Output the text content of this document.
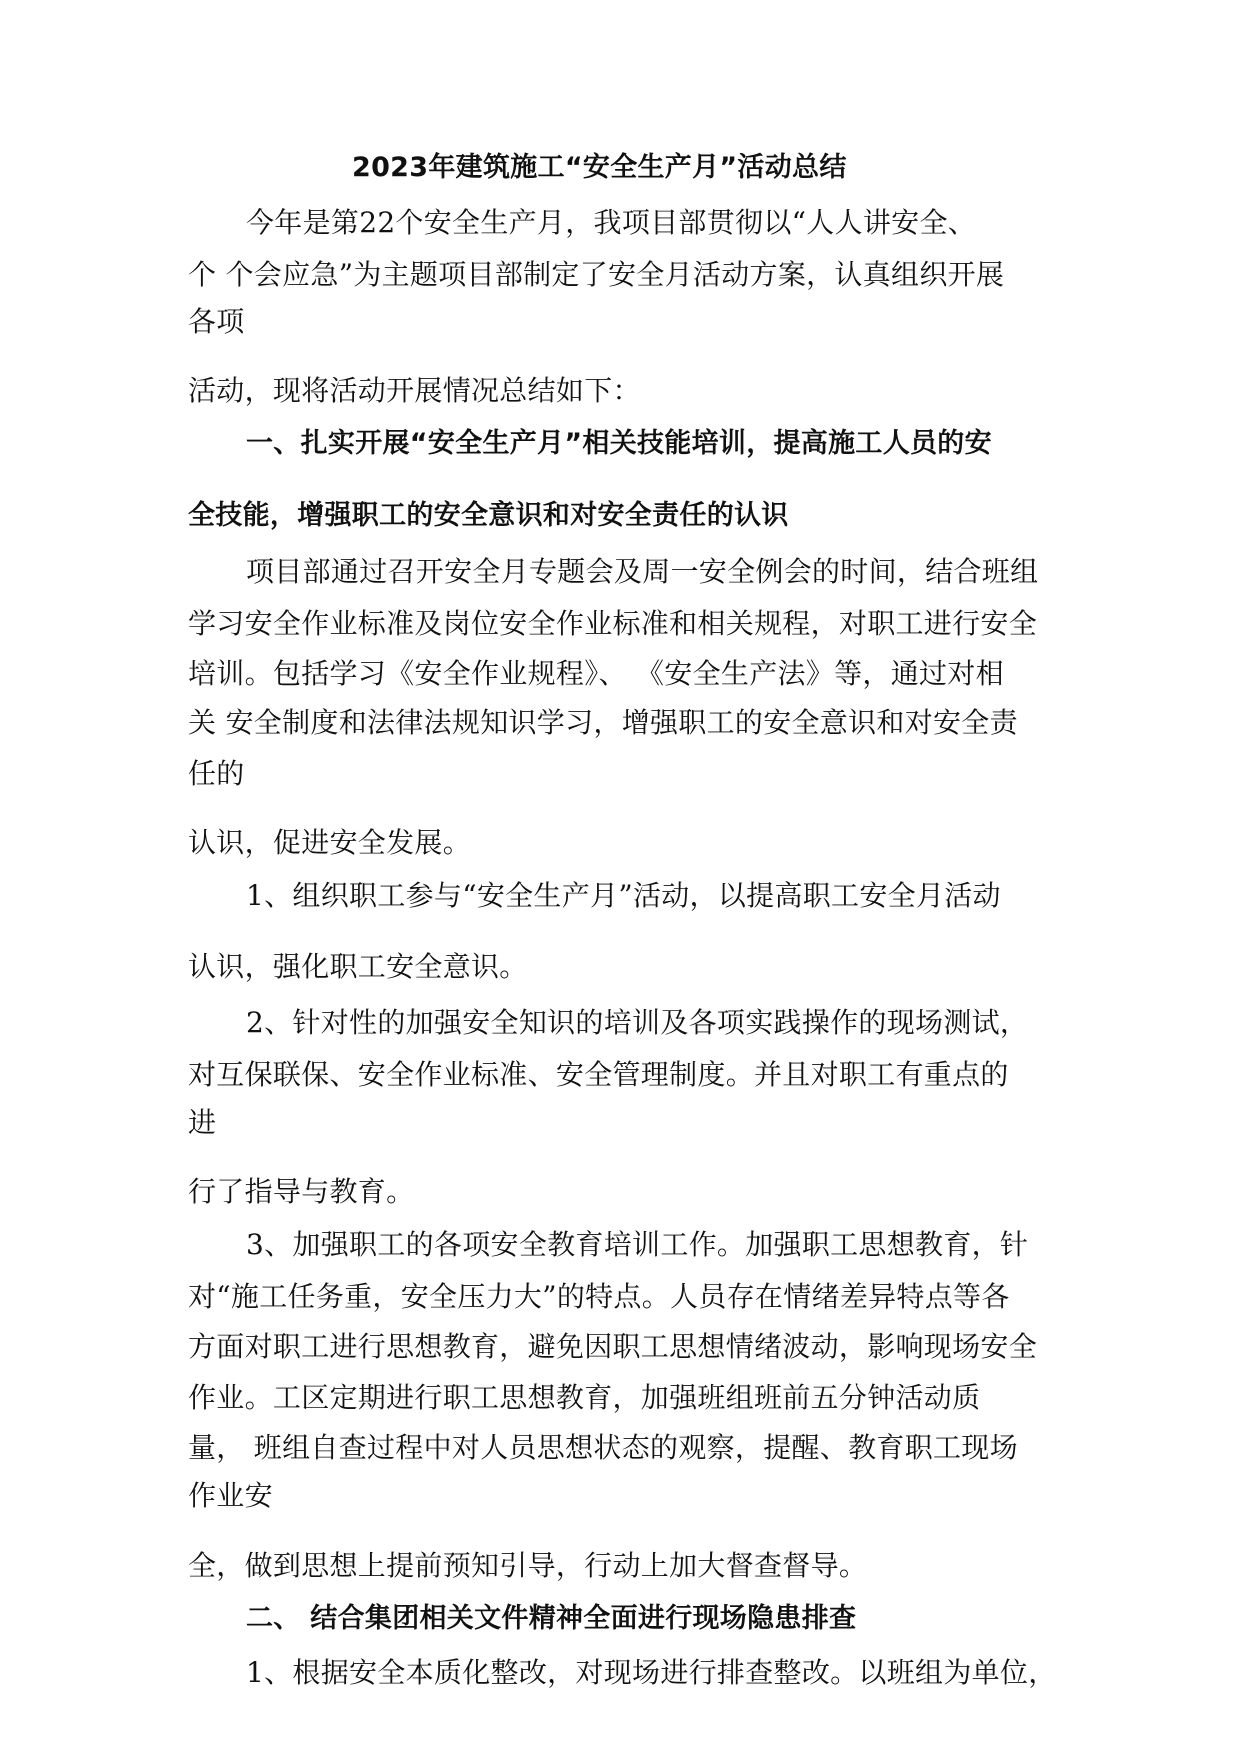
2023年建筑施工“安全生产月”活动总结
今年是第22个安全生产月，我项目部贯彻以“人人讲安全、
个 个会应急”为主题项目部制定了安全月活动方案，认真组织开展
各项
活动，现将活动开展情况总结如下：
一、扎实开展“安全生产月”相关技能培训，提高施工人员的安
全技能，增强职工的安全意识和对安全责任的认识
项目部通过召开安全月专题会及周一安全例会的时间，结合班组
学习安全作业标准及岗位安全作业标准和相关规程，对职工进行安全
培训。包括学习《安全作业规程》、 《安全生产法》等，通过对相
关 安全制度和法律法规知识学习，增强职工的安全意识和对安全责
任的
认识，促进安全发展。
1、组织职工参与“安全生产月”活动，以提高职工安全月活动
认识，强化职工安全意识。
2、针对性的加强安全知识的培训及各项实践操作的现场测试，
对互保联保、安全作业标准、安全管理制度。并且对职工有重点的
进
行了指导与教育。
3、加强职工的各项安全教育培训工作。加强职工思想教育，针
对“施工任务重，安全压力大”的特点。人员存在情绪差异特点等各
方面对职工进行思想教育，避免因职工思想情绪波动，影响现场安全
作业。工区定期进行职工思想教育，加强班组班前五分钟活动质
量， 班组自查过程中对人员思想状态的观察，提醒、教育职工现场
作业安
全，做到思想上提前预知引导，行动上加大督查督导。
二、 结合集团相关文件精神全面进行现场隐患排查
1、根据安全本质化整改，对现场进行排查整改。以班组为单位，
